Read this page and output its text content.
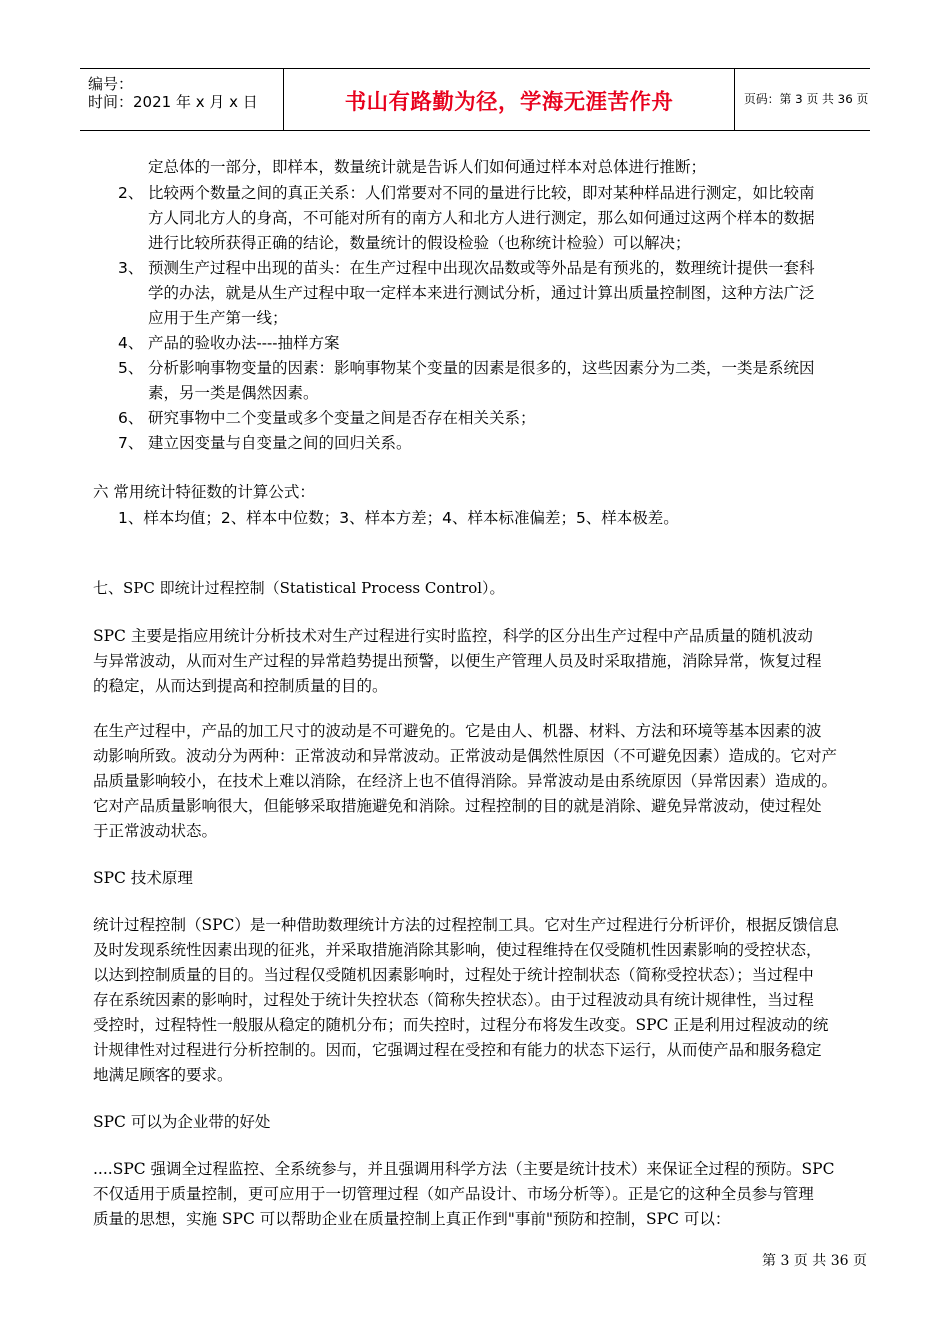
编号：
时间：2021 年 x 月 x 日	书山有路勤为径，学海无涯苦作舟	页码：第 3 页 共 36 页
定总体的一部分，即样本，数量统计就是告诉人们如何通过样本对总体进行推断；
2、 比较两个数量之间的真正关系：人们常要对不同的量进行比较，即对某种样品进行测定，如比较南
方人同北方人的身高，不可能对所有的南方人和北方人进行测定，那么如何通过这两个样本的数据
进行比较所获得正确的结论，数量统计的假设检验（也称统计检验）可以解决；
3、 预测生产过程中出现的苗头：在生产过程中出现次品数或等外品是有预兆的，数理统计提供一套科
学的办法，就是从生产过程中取一定样本来进行测试分析，通过计算出质量控制图，这种方法广泛
应用于生产第一线；
4、 产品的验收办法----抽样方案
5、 分析影响事物变量的因素：影响事物某个变量的因素是很多的，这些因素分为二类，一类是系统因
素，另一类是偶然因素。
6、 研究事物中二个变量或多个变量之间是否存在相关关系；
7、 建立因变量与自变量之间的回归关系。
六 常用统计特征数的计算公式：
1、样本均值；2、样本中位数；3、样本方差；4、样本标准偏差；5、样本极差。
七、SPC 即统计过程控制（Statistical Process Control）。
SPC 主要是指应用统计分析技术对生产过程进行实时监控，科学的区分出生产过程中产品质量的随机波动
与异常波动，从而对生产过程的异常趋势提出预警，以便生产管理人员及时采取措施，消除异常，恢复过程
的稳定，从而达到提高和控制质量的目的。
在生产过程中，产品的加工尺寸的波动是不可避免的。它是由人、机器、材料、方法和环境等基本因素的波
动影响所致。波动分为两种：正常波动和异常波动。正常波动是偶然性原因（不可避免因素）造成的。它对产
品质量影响较小，在技术上难以消除，在经济上也不值得消除。异常波动是由系统原因（异常因素）造成的。
它对产品质量影响很大，但能够采取措施避免和消除。过程控制的目的就是消除、避免异常波动，使过程处
于正常波动状态。
SPC 技术原理
统计过程控制（SPC）是一种借助数理统计方法的过程控制工具。它对生产过程进行分析评价，根据反馈信息
及时发现系统性因素出现的征兆，并采取措施消除其影响，使过程维持在仅受随机性因素影响的受控状态，
以达到控制质量的目的。当过程仅受随机因素影响时，过程处于统计控制状态（简称受控状态）；当过程中
存在系统因素的影响时，过程处于统计失控状态（简称失控状态）。由于过程波动具有统计规律性，当过程
受控时，过程特性一般服从稳定的随机分布；而失控时，过程分布将发生改变。SPC 正是利用过程波动的统
计规律性对过程进行分析控制的。因而，它强调过程在受控和有能力的状态下运行，从而使产品和服务稳定
地满足顾客的要求。
SPC 可以为企业带的好处
....SPC 强调全过程监控、全系统参与，并且强调用科学方法（主要是统计技术）来保证全过程的预防。SPC
不仅适用于质量控制，更可应用于一切管理过程（如产品设计、市场分析等）。正是它的这种全员参与管理
质量的思想，实施 SPC 可以帮助企业在质量控制上真正作到"事前"预防和控制，SPC 可以：
第 3 页 共 36 页
